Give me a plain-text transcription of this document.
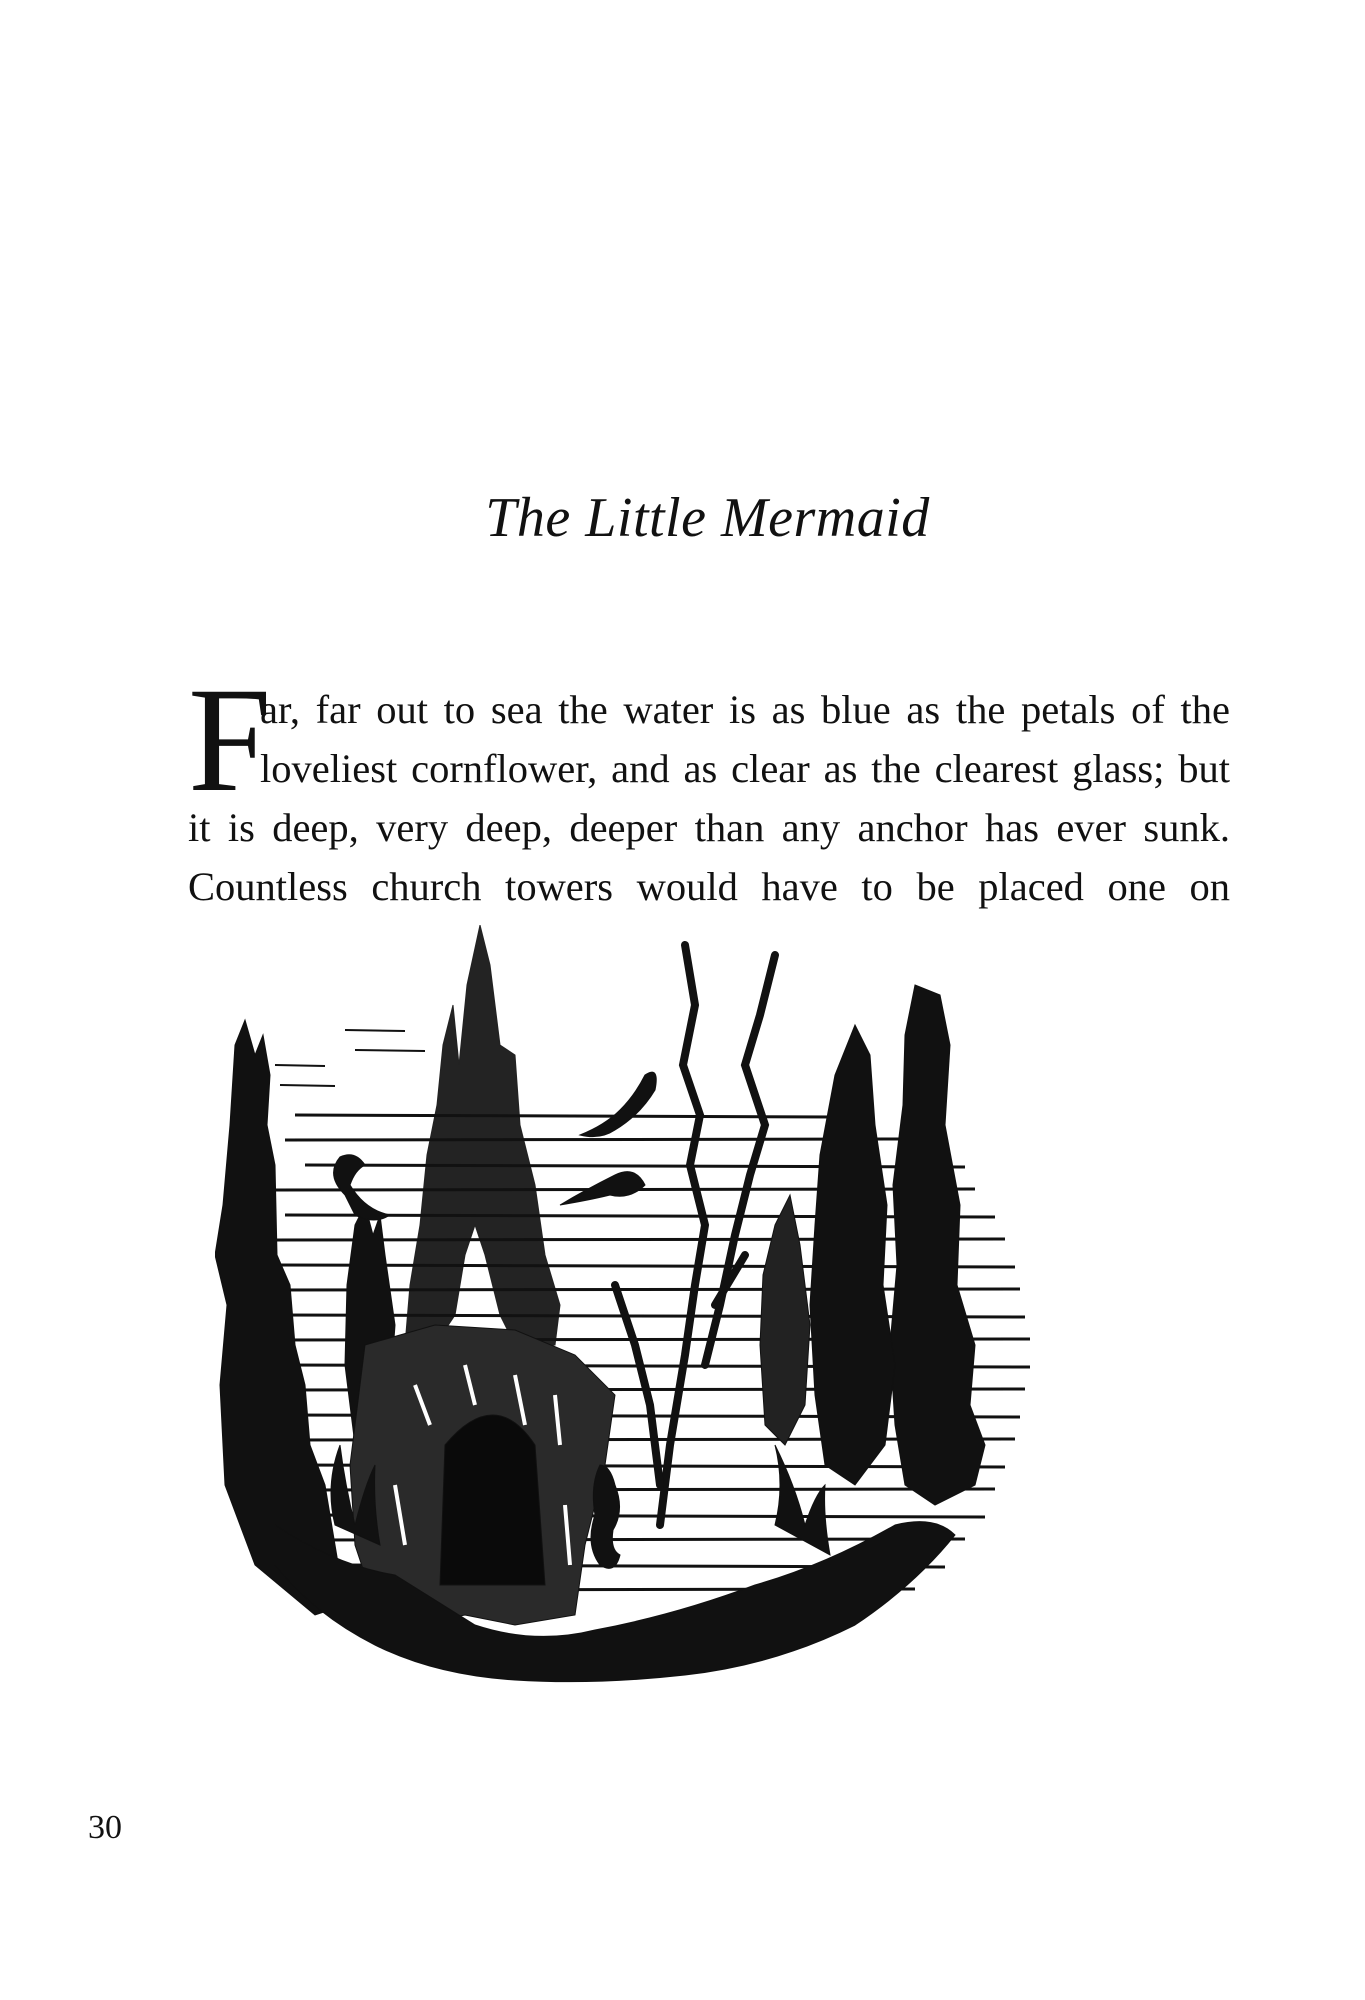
The Little Mermaid
F
ar, far out to sea the water is as blue as the petals of the
loveliest cornflower, and as clear as the clearest glass; but
it is deep, very deep, deeper than any anchor has ever sunk.
Countless church towers would have to be placed one on
30
